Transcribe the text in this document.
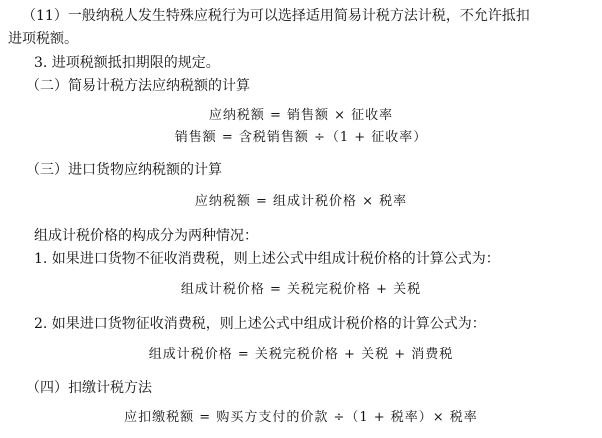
（11）一般纳税人发生特殊应税行为可以选择适用简易计税方法计税，不允许抵扣
进项税额。
3. 进项税额抵扣期限的规定。
（二）简易计税方法应纳税额的计算
应纳税额 = 销售额 × 征收率
销售额 = 含税销售额 ÷（1 + 征收率）
（三）进口货物应纳税额的计算
应纳税额 = 组成计税价格 × 税率
组成计税价格的构成分为两种情况：
1. 如果进口货物不征收消费税，则上述公式中组成计税价格的计算公式为：
组成计税价格 = 关税完税价格 + 关税
2. 如果进口货物征收消费税，则上述公式中组成计税价格的计算公式为：
组成计税价格 = 关税完税价格 + 关税 + 消费税
（四）扣缴计税方法
应扣缴税额 = 购买方支付的价款 ÷（1 + 税率）× 税率
